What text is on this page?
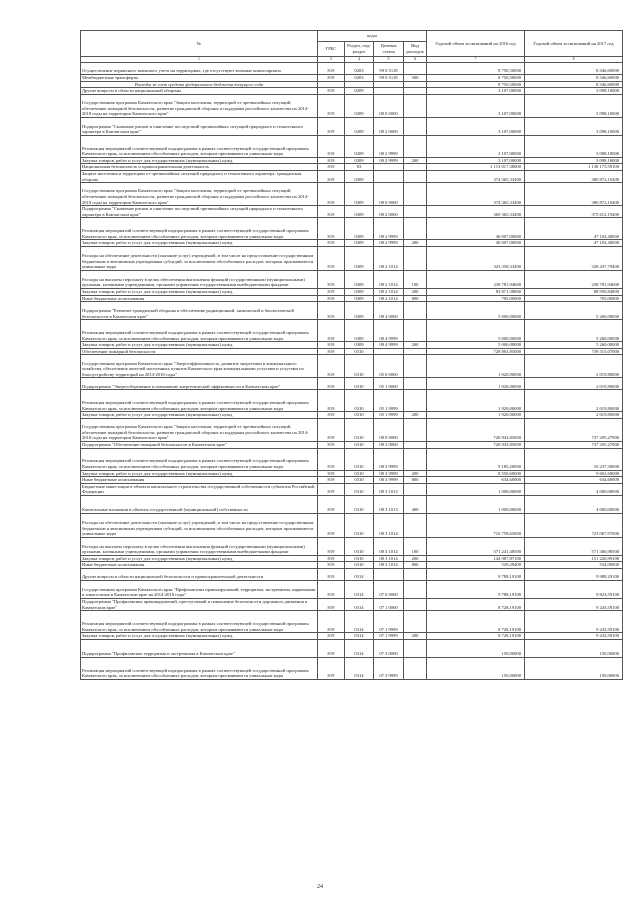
№	коды				Годовой объем ассигнований на 2016 год	Годовой объем ассигнований на 2017 год
	ГРБС	Раздел, под-раздел	Целевая статья	Вид расходов		
1	3	4	5	6	7	8
Осуществление первичного воинского учета на территориях, где отсутствуют военные комиссариаты	819	0203	99 0 5118		8 750,50000	8 346,60000
Межбюджетные трансферты	819	0203	99 0 5118	500	8 750,50000	8 346,60000
Расходы за счет средств федерального бюджета текущего года					8 750,50000	8 346,60000
Другие вопросы в области национальной обороны	819	0209			3 107,00000	3 098,10000
Государственная программа Камчатского края "Защита населения, территорий от чрезвычайных ситуаций, обеспечение пожарной безопасности, развитие гражданской обороны и поддержка российского казачества на 2014-2018 годы на территории Камчатского края"	819	0209	08 0 0000		3 107,00000	3 098,10000
Подпрограмма "Снижение рисков и смягчение последствий чрезвычайных ситуаций природного и техногенного характера в Камчатском крае"	819	0209	08 2 0000		3 107,00000	3 098,10000
Реализация мероприятий соответствующей подпрограммы в рамках соответствующей государственной программы Камчатского края, за исключением обособленных расходов, которым присваиваются уникальные коды	819	0209	08 2 9999		3 107,00000	3 098,10000
Закупка товаров, работ и услуг для государственных (муниципальных) нужд	819	0209	08 2 9999	200	3 107,00000	3 098,10000
Национальная безопасность и правоохранительная деятельность	819	03			1 113 017,38600	1 130 175,59100
Защита населения и территории от чрезвычайных ситуаций природного и техногенного характера, гражданская оборона	819	0309			374 365,33400	380 872,19400
Государственная программа Камчатского края "Защита населения, территорий от чрезвычайных ситуаций, обеспечение пожарной безопасности, развитие гражданской обороны и поддержка российского казачества на 2014-2018 годы на территории Камчатского края"	819	0309	08 0 0000		374 365,33400	380 872,19400
Подпрограмма "Снижение рисков и смягчение последствий чрезвычайных ситуаций природного и техногенного характера в Камчатском крае"	819	0309	08 2 0000		369 365,33400	375 612,19400
Реализация мероприятий соответствующей подпрограммы в рамках соответствующей государственной программы Камчатского края, за исключением обособленных расходов, которым присваиваются уникальные коды	819	0309	08 2 9999		46 007,00000	47 104,40000
Закупка товаров, работ и услуг для государственных (муниципальных) нужд	819	0309	08 2 9999	200	46 007,00000	47 104,40000
Расходы на обеспечение деятельности (оказание услуг) учреждений, в том числе на предоставление государственным бюджетным и автономным учреждениям субсидий, за исключением обособленных расходов, которым присваиваются уникальные коды	819	0309	08 2 1014		323 358,33400	328 437,79400
Расходы на выплаты персоналу в целях обеспечения выполнения функций государственными (муниципальными) органами, казенными учреждениями, органами управления государственными внебюджетными фондами	819	0309	08 2 1014	100	238 781,94600	238 781,94600
Закупка товаров, работ и услуг для государственных (муниципальных) нужд	819	0309	08 2 1014	200	83 871,38800	88 950,84800
Иные бюджетные ассигнования	819	0309	08 2 1014	800	705,00000	705,00000
Подпрограмма "Развитие гражданской обороны и обеспечение радиационной, химической и биологической безопасности в Камчатском крае"	819	0309	08 4 0000		5 000,00000	5 260,00000
Реализация мероприятий соответствующей подпрограммы в рамках соответствующей государственной программы Камчатского края, за исключением обособленных расходов, которым присваиваются уникальные коды	819	0309	08 4 9999		5 000,00000	5 260,00000
Закупка товаров, работ и услуг для государственных (муниципальных) нужд	819	0309	08 4 9999	200	5 000,00000	5 260,00000
Обеспечение пожарной безопасности	819	0310			728 863,85000	739 315,07000
Государственная программа Камчатского края "Энергоэффективность, развитие энергетики и коммунального хозяйства, обеспечение жителей населенных пунктов Камчатского края коммунальными услугами и услугами по благоустройству территорий на 2014-2018 годы"	819	0310	05 0 0000		1 920,00000	2 019,80000
Подпрограмма "Энергосбережение и повышение энергетической эффективности в Камчатском крае"	819	0310	05 1 0000		1 920,00000	2 019,80000
Реализация мероприятий соответствующей подпрограммы в рамках соответствующей государственной программы Камчатского края, за исключением обособленных расходов, которым присваиваются уникальные коды	819	0310	05 1 9999		1 920,00000	2 019,80000
Закупка товаров, работ и услуг для государственных (муниципальных) нужд	819	0310	05 1 9999	200	1 920,00000	2 019,80000
Государственная программа Камчатского края "Защита населения, территорий от чрезвычайных ситуаций, обеспечение пожарной безопасности, развитие гражданской обороны и поддержка российского казачества на 2014-2018 годы на территории Камчатского края"	819	0310	08 0 0000		726 943,85000	737 295,27000
Подпрограмма "Обеспечение пожарной безопасности в Камчатском крае"	819	0310	08 3 0000		726 943,85000	737 295,27000
Реализация мероприятий соответствующей подпрограммы в рамках соответствующей государственной программы Камчатского края, за исключением обособленных расходов, которым присваиваются уникальные коды	819	0310	08 3 9999		9 185,20000	10 237,30000
Закупка товаров, работ и услуг для государственных (муниципальных) нужд	819	0310	08 3 9999	200	8 550,60000	9 602,60000
Иные бюджетные ассигнования	819	0310	08 3 9999	800	634,60000	634,60000
Бюджетные инвестиции в объекты капитального строительства государственной собственности субъектов Российской Федерации	819	0310	08 3 1013		1 000,00000	4 000,00000
Капитальные вложения в объекты государственной (муниципальной) собственности	819	0310	08 3 1013	400	1 000,00000	4 000,00000
Расходы на обеспечение деятельности (оказание услуг) учреждений, в том числе на предоставление государственным бюджетным и автономным учреждениям субсидий, за исключением обособленных расходов, которым присваиваются уникальные коды	819	0310	08 3 1014		716 758,65000	723 067,97000
Расходы на выплаты персоналу в целях обеспечения выполнения функций государственными (муниципальными) органами, казенными учреждениями, органами управления государственными внебюджетными фондами	819	0310	08 3 1014	100	571 241,48500	571 306,98500
Закупка товаров, работ и услуг для государственных (муниципальных) нужд	819	0310	08 3 1014	200	144 987,87100	151 226,99100
Иные бюджетные ассигнования	819	0310	08 3 1014	800	529,29400	534,00000
Другие вопросы в области национальной безопасности и правоохранительной деятельности	819	0314			9 788,19100	9 988,29100
Государственная программа Камчатского края "Профилактика правонарушений, терроризма, экстремизма, наркомании и алкоголизма в Камчатском крае на 2014-2018 годы"	819	0314	07 0 0000		9 788,19100	9 823,59100
Подпрограмма "Профилактика правонарушений, преступлений и повышение безопасности дорожного движения в Камчатском крае"	819	0314	07 1 0000		8 728,19100	9 243,59100
Реализация мероприятий соответствующей подпрограммы в рамках соответствующей государственной программы Камчатского края, за исключением обособленных расходов, которым присваиваются уникальные коды	819	0314	07 1 9999		8 728,19100	9 243,59100
Закупка товаров, работ и услуг для государственных (муниципальных) нужд	819	0314	07 1 9999	200	8 728,19100	9 243,59100
Подпрограмма "Профилактика терроризма и экстремизма в Камчатском крае"	819	0314	07 3 0000		150,00000	150,00000
Реализация мероприятий соответствующей подпрограммы в рамках соответствующей государственной программы Камчатского края, за исключением обособленных расходов, которым присваиваются уникальные коды	819	0314	07 3 9999		150,00000	150,00000
24
